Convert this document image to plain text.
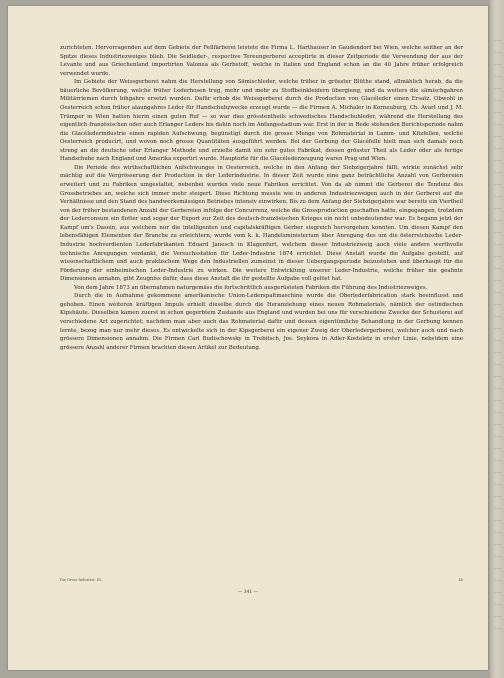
zurichteten. Hervorragenden auf dem Gebiete der Fellfärberei leistete die Firma L. Harthauser in Gaudendorf bei Wien, welche seither an der Spitze dieses Industriezweiges blieb. Die Seidleder-, respective Tereungerberei acceptirte in dieser Zeitperiode die Verwendung der aus der Levante und aus Griechenland importirten Valonea als Gerbstoff, welche in Italien und England schon an die 40 Jahre früher erfolgreich verwendet wurde.

Im Gebiete der Weissgerberei nahm die Herstellung von Sämischleder, welche früher in grösster Blüthe stand, allmählich herab, da die bäuerliche Bevölkerung, welche früher Lederhosen trug, mehr und mehr zu Stoffbeinkleidern übergieng, und da weiters die sämischgahren Militärriemen durch bihgahre ersetzt wurden. Dafür erhob die Weissgerberei durch die Production von Glacéleder einen Ersatz. Obwohl in Oesterreich schon früher alaungahres Leder für Handschuhzwecke erzeugt wurde — die Firmen A. Michaler in Korneuburg, Ch. Avart und J. M. Trümper in Wien hatten hierin einen guten Ruf — so war dies grösstentheils schwedisches Handschuhleder, während die Herstellung des eigentlich französischen oder auch Erlanger Leders bis dahin noch im Anfangsstadium war. Erst in der in Rede stehenden Berichtsperiode nahm die Glacélederindustrie einen rapiden Aufschwung, begünstigt durch die grosse Menge von Rohmaterial in Lamm- und Kitzfellen, welche Oesterreich producirt, und wovon noch grosse Quantitäten ausgeführt werden. Bei der Gerbung der Glacéfelle hielt man sich damals noch streng an die deutsche oder Erlanger Methode und erzielte damit ein sehr gutes Fabrikat, dessen grösster Theil als Leder oder als fertige Handschuhe nach England und Amerika exportirt wurde. Hauptorte für die Glacélederzeugung waren Prag und Wien.

Die Periode des wirthschaftlichen Aufschwunges in Oesterreich, welche in den Anfang der Siebzigerjahre fällt, wirkte zunächst sehr mächtig auf die Vergrösserung der Production in der Lederindustrie. In dieser Zeit wurde eine ganz beträchtliche Anzahl von Gerbereien erweitert und zu Fabriken umgestaltet, nebenbei wurden viele neue Fabriken errichtet. Von da ab nimmt die Gerberei die Tendenz des Grossbetriebes an, welche sich immer mehr steigert. Diese Richtung musste wie in anderen Industriezweigen auch in der Gerberei auf die Verhältnisse und den Stand des handwerksmässigen Betriebes intensiv einwirken. Bis zu dem Anfang der Siebzigerjahre war bereits ein Viertheil von der früher bestandenen Anzahl der Gerbereien infolge der Concurrenz, welche die Grossproduction geschaffen hatte, eingegangen, trotzdem der Lederconsum ein flotter und sogar der Export zur Zeit des deutsch-französischen Krieges ein nicht unbedeutender war. Es begann jetzt der Kampf um's Dasein, aus welchem nur die intelligenten und capitalskräftigen Gerber siegreich hervorgehen konnten. Um diesen Kampf den lebensfähigen Elementen der Branche zu erleichtern, wurde vom k. k. Handelsministerium über Anregung des um die österreichische Leder-Industrie hochverdienten Lederfabrikanten Eduard Janesch in Klagenfurt, welchem dieser Industriezweig auch viele andere werthvolle technische Anregungen verdankt, die Versuchsstation für Leder-Industrie 1874 errichtet. Diese Anstalt wurde die Aufgabe gestellt, auf wissenschaftlichem und auch praktischem Wege den Industriellen zumeinst in dieser Uebergangsperiode beizustehen und überhaupt für die Förderung der einheimischen Leder-Industrie zu wirken. Die weitere Entwicklung unserer Leder-Industrie, welche früher nie geahnte Dimensionen annahm, gibt Zeugniss dafür, dass diese Anstalt die ihr gestellte Aufgabe voll gelöst hat.

Von dem Jahre 1873 an übernahmen naturgemäss die fortschrittlich ausgerüsteten Fabriken die Führung des Industriezweiges.

Durch die in Aufnahme gekommene amerikanische Union-Lederspaltmaschine wurde die Oberlederfabrication stark beeinflusst und gehoben. Einen weiteren kräftigen Impuls erhielt dieselbe durch die Heranziehung eines neuen Rohmaterials, nämlich der ostindischen Kipshäute. Dieselben kamen zuerst in schon gegerbtem Zustande aus England und wurden bei uns für verschiedene Zwecke der Schusterei auf verschiedene Art zugerichtet; nachdem man aber auch das Rohmaterial dafür und dessen eigentümliche Behandlung in der Gerbung kennen lernte, bezog man nur mehr dieses. Es entwickelte sich in der Kipsgerberei ein eigener Zweig der Oberledergerberei, welcher auch und nach grössere Dimensionen annahm. Die Firmen Carl Budischowsky in Trebitsch, Jos. Seykora in Adler-Kosteletz in erster Linie, nebstdem eine grössere Anzahl anderer Firmen brachten diesen Artikel zur Bedeutung.

Die Gross-Industrie. III.	46
— 341 —
